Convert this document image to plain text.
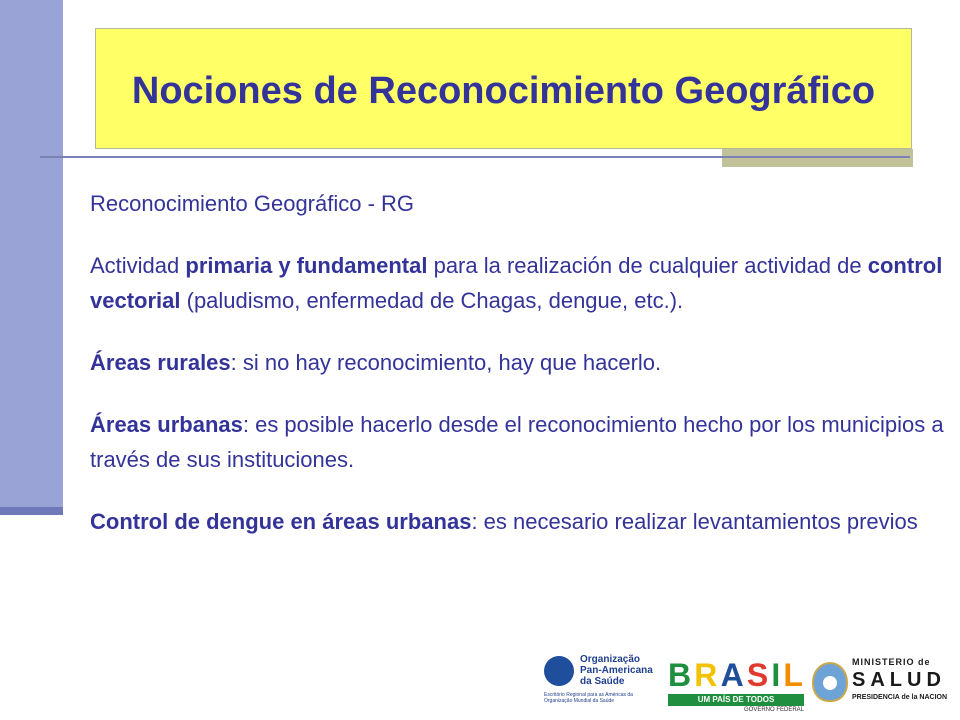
Nociones de Reconocimiento Geográfico

Reconocimiento Geográfico - RG

Actividad primaria y fundamental para la realización de cualquier actividad de control vectorial (paludismo, enfermedad de Chagas, dengue, etc.).

Áreas rurales: si no hay reconocimiento, hay que hacerlo.

Áreas urbanas: es posible hacerlo desde el reconocimiento hecho por los municipios a través de sus instituciones.

Control de dengue en áreas urbanas: es necesario realizar levantamientos previos

Organização
Pan-Americana
da Saúde
Escritório Regional para as Américas da
Organização Mundial da Saúde
B R A S I L
UM PAÍS DE TODOS
GOVERNO FEDERAL
MINISTERIO de
SALUD
PRESIDENCIA de la NACION
